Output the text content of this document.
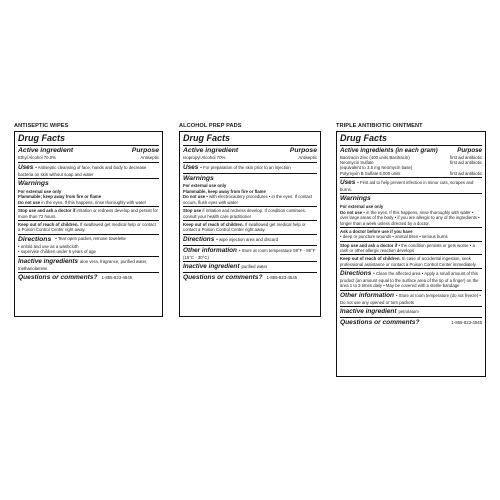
ANTISEPTIC WIPES
Drug Facts
Active ingredient	Purpose
Ethyl Alcohol 70.0%	Antiseptic
Uses • Antiseptic cleansing of face, hands and body to decrease bacteria on skin without soap and water
Warnings
For external use only
Flammable; keep away from fire or flame
Do not use in the eyes. If this happens, rinse thoroughly with water
Stop use and ask a doctor if irritation or redness develop and persist for more than 72 hours.
Keep out of reach of children. If swallowed get medical help or contact a Poison Control Center right away.
Directions • Tear open packet, remove towelette
• unfold and use as a washcloth
• supervise children under 6 years of age
Inactive ingredients aloe vera, fragrance, purified water, triethanolamine
Questions or comments? 1-855-823-4545
ALCOHOL PREP PADS
Drug Facts
Active ingredient	Purpose
Isopropyl Alcohol 70%	Antiseptic
Uses • For preparation of the skin prior to an injection
Warnings
For external use only
Flammable, keep away from fire or flame
Do not use • with electrocautery procedures • in the eyes. If contact occurs, flush eyes with water
Stop use if irritation and redness develop. If condition continues, consult your health care practitioner
Keep out of reach of children. If swallowed get medical help or contact a Poison Control Center right away.
Directions • wipe injection area and discard
Other information • Store at room temperature 59°F - 86°F (15°C - 30°C)
Inactive ingredient purified water
Questions or comments? 1-855-823-4545
TRIPLE ANTIBIOTIC OINTMENT
Drug Facts
Active ingredients (in each gram)	Purpose
Bacitracin Zinc (400 units Bacitracin)	first aid antibiotic
Neomycin Sulfate	first aid antibiotic
(equivalent to 3.5 mg Neomycin base)
Polymyxin B Sulfate 5,000 units	first aid antibiotic
Uses • First aid to help prevent infection in minor cuts, scrapes and burns.
Warnings
For external use only
Do not use • in the eyes. If this happens, rinse thoroughly with water • over large areas of the body • if you are allergic to any of the ingredients • longer than a week unless directed by a doctor.
Ask a doctor before use if you have
• deep or puncture wounds • animal bites • serious burns
Stop use and ask a doctor if • the condition persists or gets worse • a rash or other allergic reaction develops
Keep out of reach of children. In case of accidental ingestion, seek professional assistance or contact a Poison Control Center immediately.
Directions • Clean the affected area • Apply a small amount of this product (an amount equal to the surface area of the tip of a finger) on the area 1 to 3 times daily • May be covered with a sterile bandage
Other information • Store at room temperature (do not freeze) • Do not use any opened or torn packets
Inactive ingredient petrolatum
Questions or comments?	1-855-823-4545
